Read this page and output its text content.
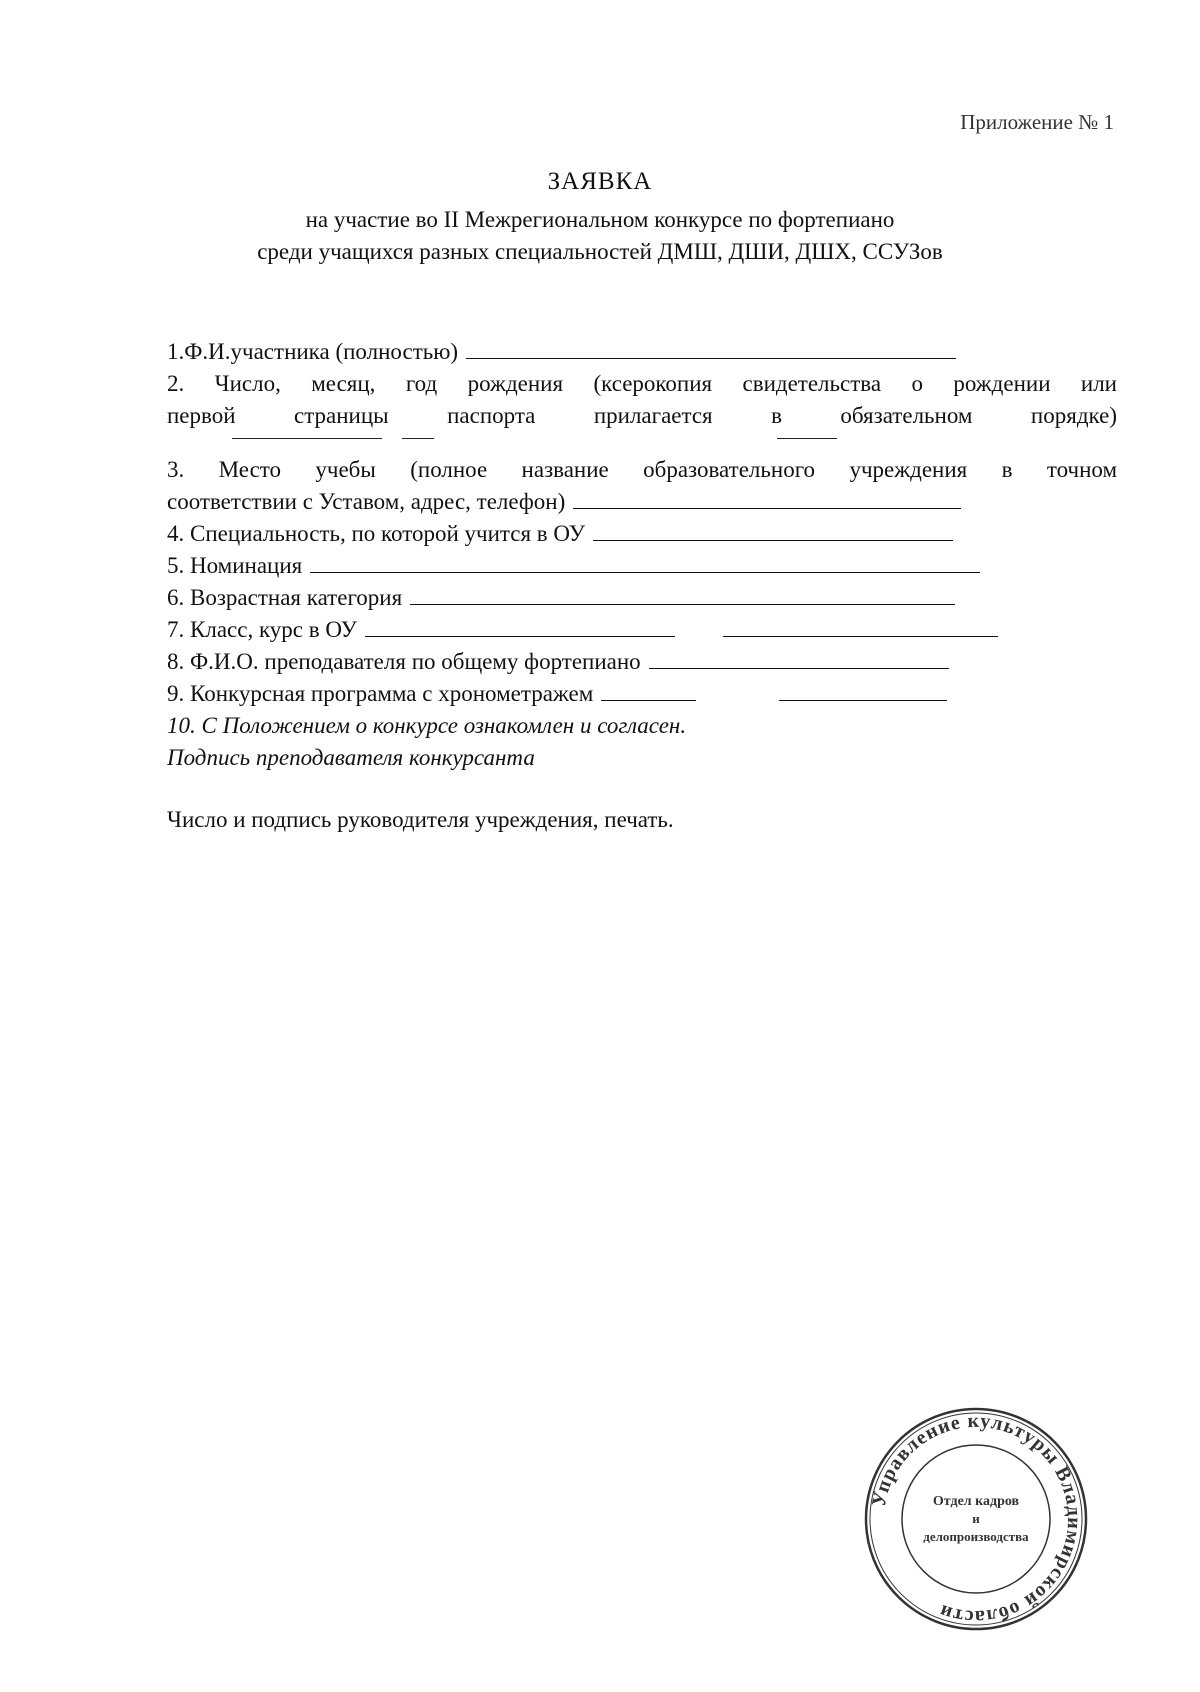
Приложение № 1
ЗАЯВКА
на участие во II Межрегиональном конкурсе по фортепиано
среди учащихся разных специальностей ДМШ, ДШИ, ДШХ, ССУЗов
1.Ф.И.участника (полностью)
2. Число, месяц, год рождения (ксерокопия свидетельства о рождении или
первой страницы паспорта прилагается в обязательном порядке)
3. Место учебы (полное название образовательного учреждения в точном
соответствии с Уставом, адрес, телефон)
4. Специальность, по которой учится в ОУ
5. Номинация
6. Возрастная категория
7. Класс, курс в ОУ
8. Ф.И.О. преподавателя по общему фортепиано
9. Конкурсная программа с хронометражем
10. С Положением о конкурсе ознакомлен и согласен.
Подпись преподавателя конкурсанта
Число и подпись руководителя учреждения, печать.
Управление культуры Владимирской области
Отдел кадров
и
делопроизводства
